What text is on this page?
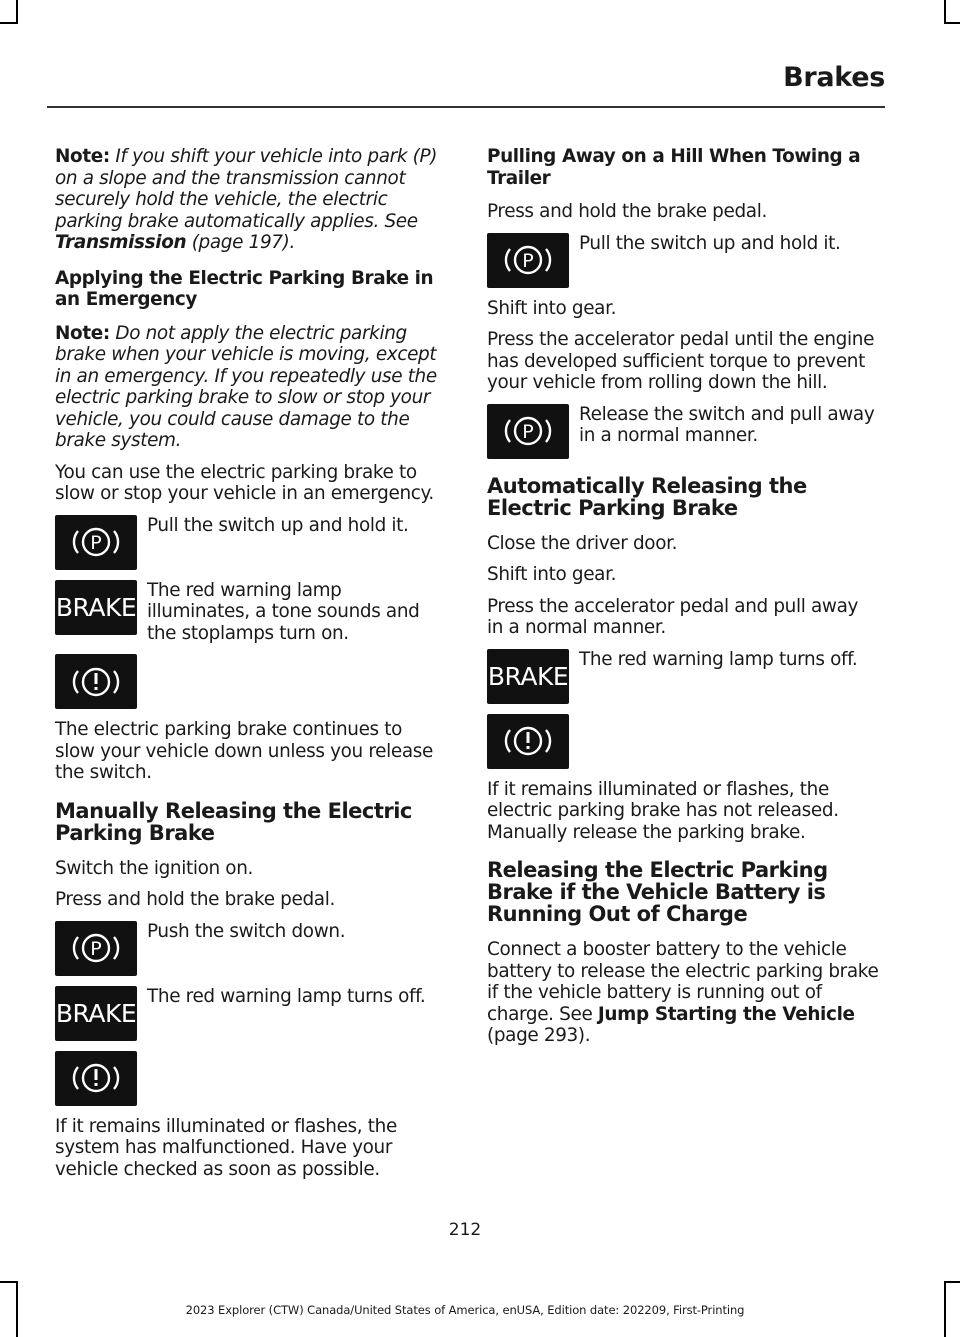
Brakes

Note: If you shift your vehicle into park (P) on a slope and the transmission cannot securely hold the vehicle, the electric parking brake automatically applies. See Transmission (page 197).

Applying the Electric Parking Brake in an Emergency

Note: Do not apply the electric parking brake when your vehicle is moving, except in an emergency. If you repeatedly use the electric parking brake to slow or stop your vehicle, you could cause damage to the brake system.

You can use the electric parking brake to slow or stop your vehicle in an emergency.

P

Pull the switch up and hold it.

BRAKE

The red warning lamp illuminates, a tone sounds and the stoplamps turn on.

The electric parking brake continues to slow your vehicle down unless you release the switch.

Manually Releasing the Electric Parking Brake

Switch the ignition on.

Press and hold the brake pedal.

P

Push the switch down.

BRAKE

The red warning lamp turns off.

If it remains illuminated or flashes, the system has malfunctioned. Have your vehicle checked as soon as possible.

Pulling Away on a Hill When Towing a Trailer

Press and hold the brake pedal.

P

Pull the switch up and hold it.

Shift into gear.

Press the accelerator pedal until the engine has developed sufficient torque to prevent your vehicle from rolling down the hill.

P

Release the switch and pull away in a normal manner.

Automatically Releasing the Electric Parking Brake

Close the driver door.

Shift into gear.

Press the accelerator pedal and pull away in a normal manner.

BRAKE

The red warning lamp turns off.

If it remains illuminated or flashes, the electric parking brake has not released. Manually release the parking brake.

Releasing the Electric Parking Brake if the Vehicle Battery is Running Out of Charge

Connect a booster battery to the vehicle battery to release the electric parking brake if the vehicle battery is running out of charge. See Jump Starting the Vehicle (page 293).

212
2023 Explorer (CTW) Canada/United States of America, enUSA, Edition date: 202209, First-Printing
